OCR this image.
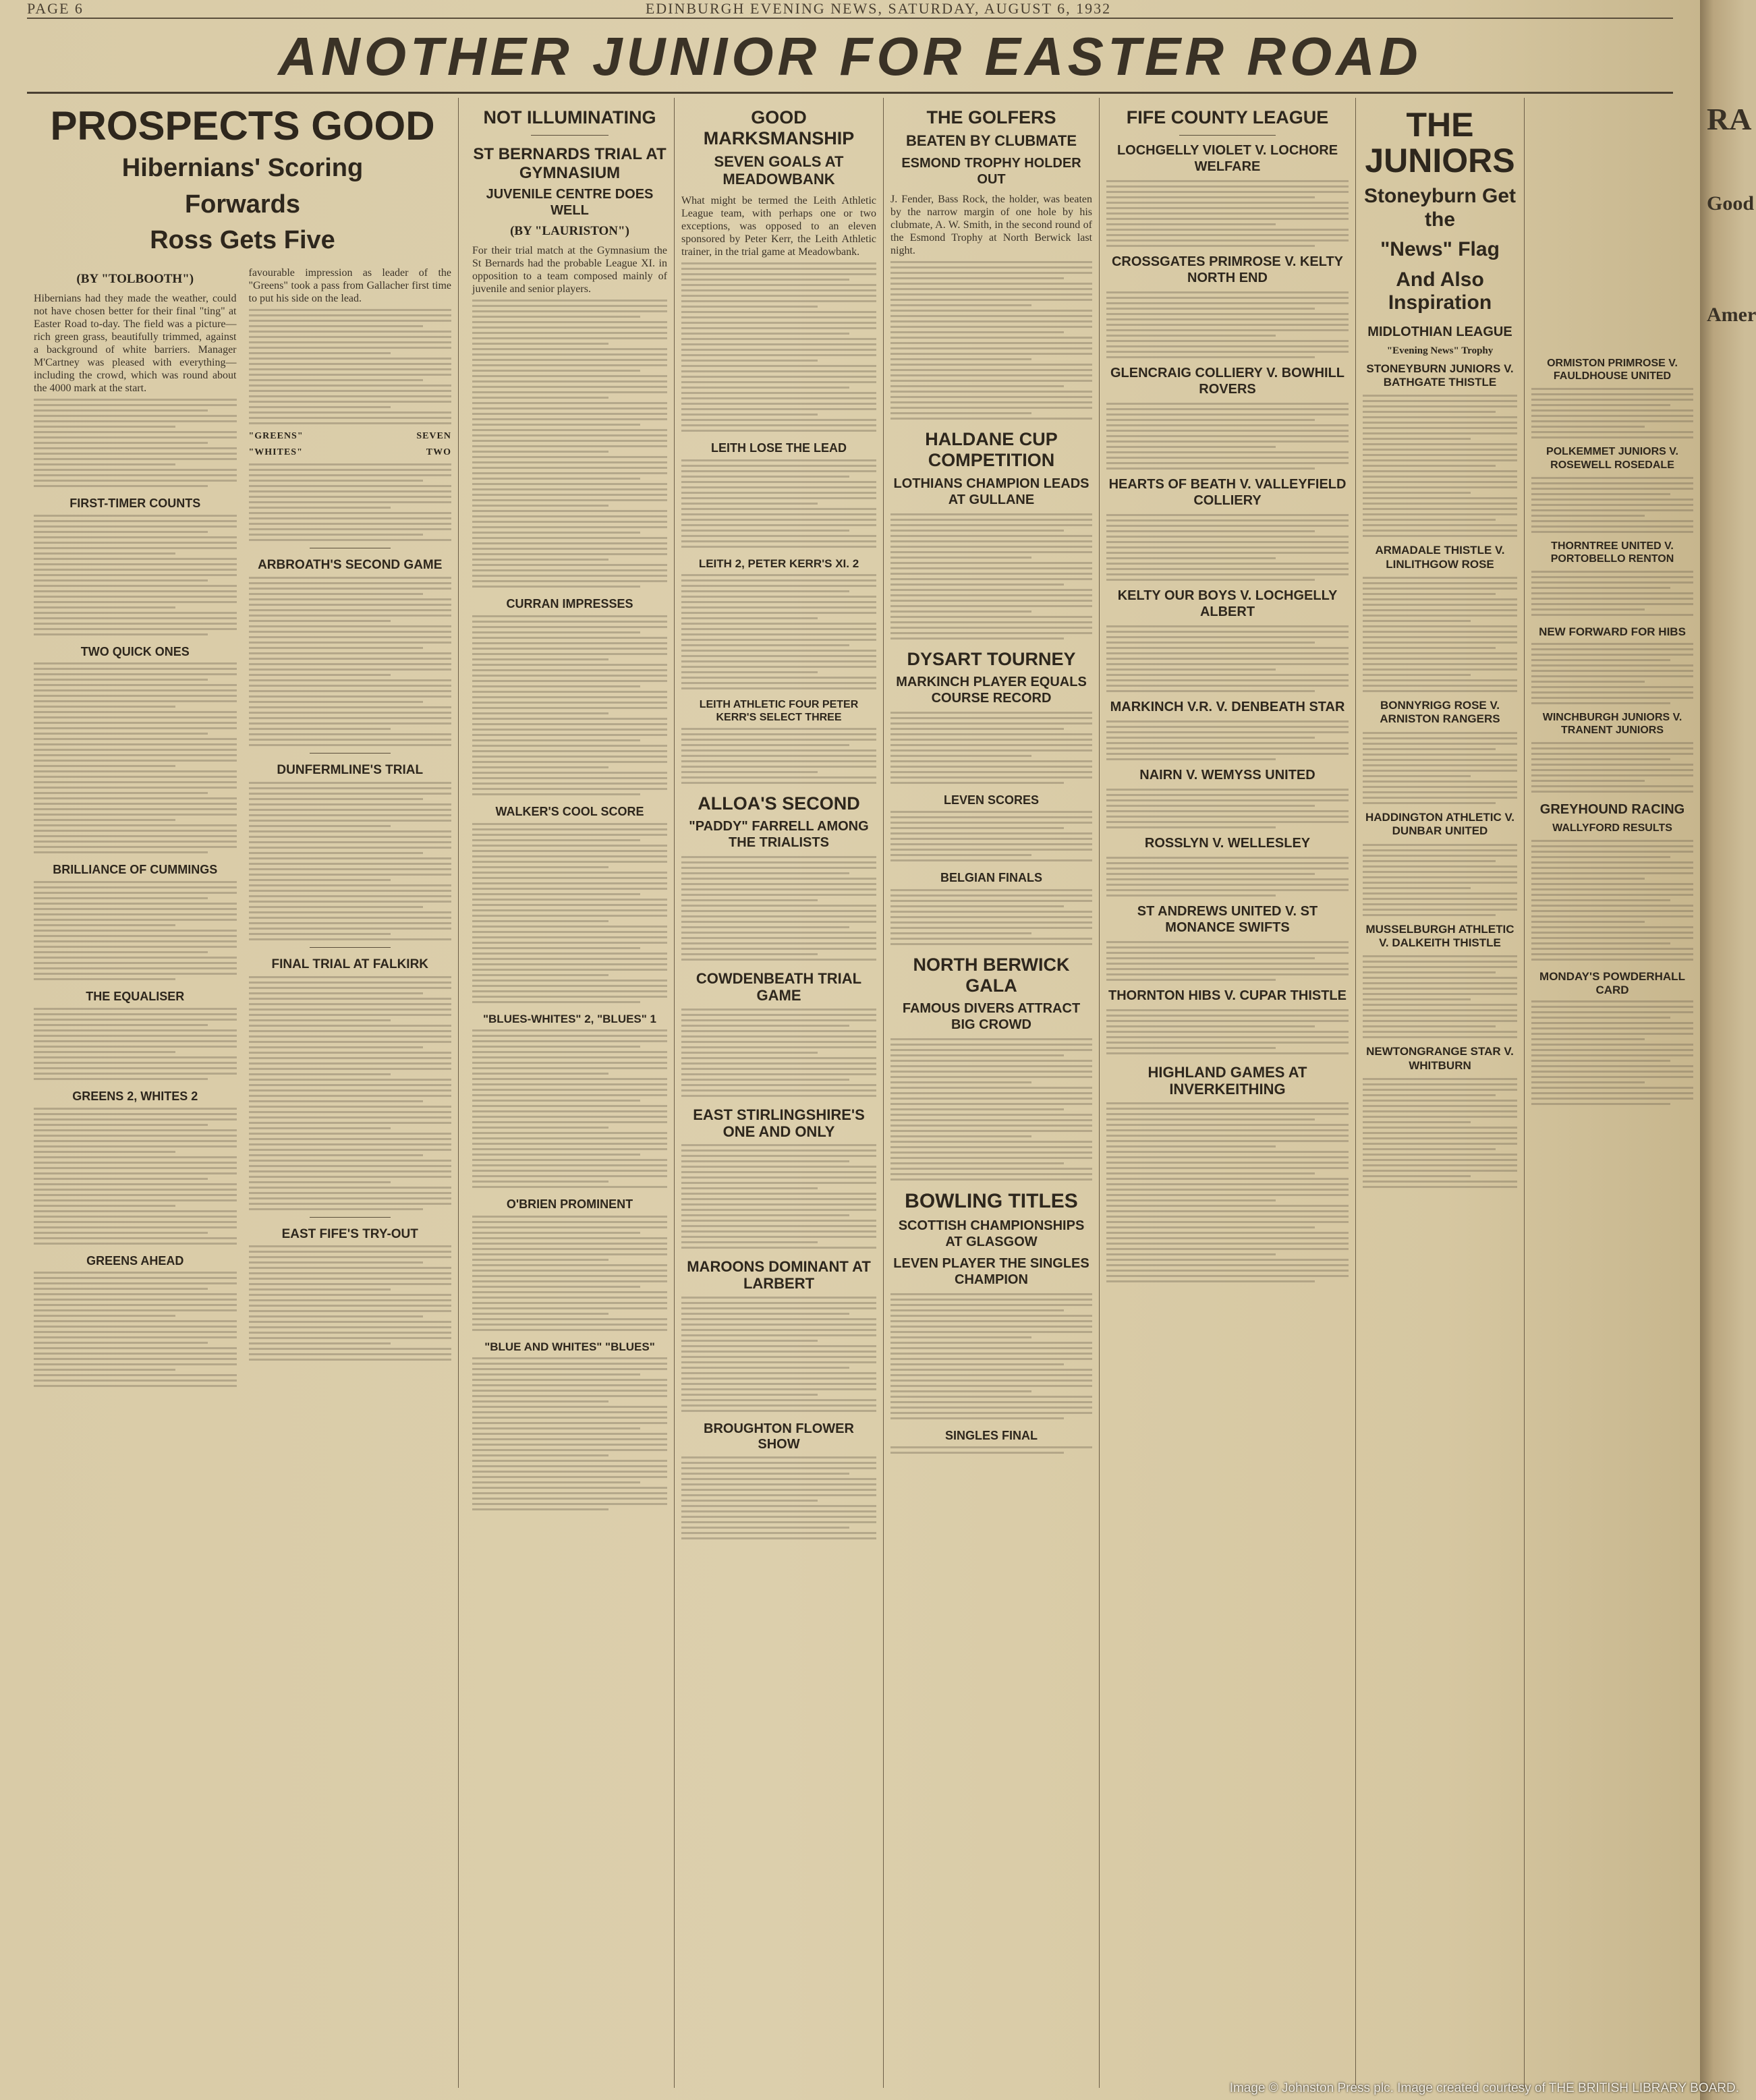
PAGE 6	EDINBURGH EVENING NEWS, SATURDAY, AUGUST 6, 1932
ANOTHER JUNIOR FOR EASTER ROAD
PROSPECTS GOOD
Hibernians' Scoring
Forwards
Ross Gets Five
(BY "TOLBOOTH")

Hibernians had they made the weather, could not have chosen better for their final "ting" at Easter Road to-day. The field was a picture—rich green grass, beautifully trimmed, against a background of white barriers. Manager M'Cartney was pleased with everything—including the crowd, which was round about the 4000 mark at the start.

FIRST-TIMER COUNTS
TWO QUICK ONES
BRILLIANCE OF CUMMINGS
THE EQUALISER
GREENS 2, WHITES 2
GREENS AHEAD

favourable impression as leader of the "Greens" took a pass from Gallacher first time to put his side on the lead.

"GREENS"	SEVEN
"WHITES"	TWO
ARBROATH'S SECOND GAME
DUNFERMLINE'S TRIAL
FINAL TRIAL AT FALKIRK
EAST FIFE'S TRY-OUT
NOT ILLUMINATING
ST BERNARDS TRIAL AT GYMNASIUM
JUVENILE CENTRE DOES WELL
(BY "LAURISTON")

For their trial match at the Gymnasium the St Bernards had the probable League XI. in opposition to a team composed mainly of juvenile and senior players.

CURRAN IMPRESSES
WALKER'S COOL SCORE
"BLUES-WHITES" 2, "BLUES" 1
O'BRIEN PROMINENT
"BLUE AND WHITES" "BLUES"
GOOD MARKSMANSHIP
SEVEN GOALS AT MEADOWBANK

What might be termed the Leith Athletic League team, with perhaps one or two exceptions, was opposed to an eleven sponsored by Peter Kerr, the Leith Athletic trainer, in the trial game at Meadowbank.

LEITH LOSE THE LEAD
LEITH 2, PETER KERR'S XI. 2
LEITH ATHLETIC FOUR PETER KERR'S SELECT THREE
ALLOA'S SECOND
"PADDY" FARRELL AMONG THE TRIALISTS
COWDENBEATH TRIAL GAME
EAST STIRLINGSHIRE'S ONE AND ONLY
MAROONS DOMINANT AT LARBERT
BROUGHTON FLOWER SHOW
THE GOLFERS
BEATEN BY CLUBMATE
ESMOND TROPHY HOLDER OUT

J. Fender, Bass Rock, the holder, was beaten by the narrow margin of one hole by his clubmate, A. W. Smith, in the second round of the Esmond Trophy at North Berwick last night.

HALDANE CUP COMPETITION
LOTHIANS CHAMPION LEADS AT GULLANE
DYSART TOURNEY
MARKINCH PLAYER EQUALS COURSE RECORD
LEVEN SCORES
BELGIAN FINALS
NORTH BERWICK GALA
FAMOUS DIVERS ATTRACT BIG CROWD
BOWLING TITLES
SCOTTISH CHAMPIONSHIPS AT GLASGOW
LEVEN PLAYER THE SINGLES CHAMPION
SINGLES FINAL
FIFE COUNTY LEAGUE
LOCHGELLY VIOLET V. LOCHORE WELFARE
CROSSGATES PRIMROSE V. KELTY NORTH END
GLENCRAIG COLLIERY V. BOWHILL ROVERS
HEARTS OF BEATH V. VALLEYFIELD COLLIERY
KELTY OUR BOYS V. LOCHGELLY ALBERT
MARKINCH V.R. V. DENBEATH STAR
NAIRN V. WEMYSS UNITED
ROSSLYN V. WELLESLEY
ST ANDREWS UNITED V. ST MONANCE SWIFTS
THORNTON HIBS V. CUPAR THISTLE
HIGHLAND GAMES AT INVERKEITHING
THE JUNIORS
Stoneyburn Get the
"News" Flag
And Also Inspiration
MIDLOTHIAN LEAGUE
"Evening News" Trophy
STONEYBURN JUNIORS V. BATHGATE THISTLE
ARMADALE THISTLE V. LINLITHGOW ROSE
BONNYRIGG ROSE V. ARNISTON RANGERS
HADDINGTON ATHLETIC V. DUNBAR UNITED
MUSSELBURGH ATHLETIC V. DALKEITH THISTLE
NEWTONGRANGE STAR V. WHITBURN
ORMISTON PRIMROSE V. FAULDHOUSE UNITED
POLKEMMET JUNIORS V. ROSEWELL ROSEDALE
THORNTREE UNITED V. PORTOBELLO RENTON
NEW FORWARD FOR HIBS
WINCHBURGH JUNIORS V. TRANENT JUNIORS
GREYHOUND RACING
WALLYFORD RESULTS
MONDAY'S POWDERHALL CARD
RA
Good
Amer
Image © Johnston Press plc. Image created courtesy of THE BRITISH LIBRARY BOARD.
